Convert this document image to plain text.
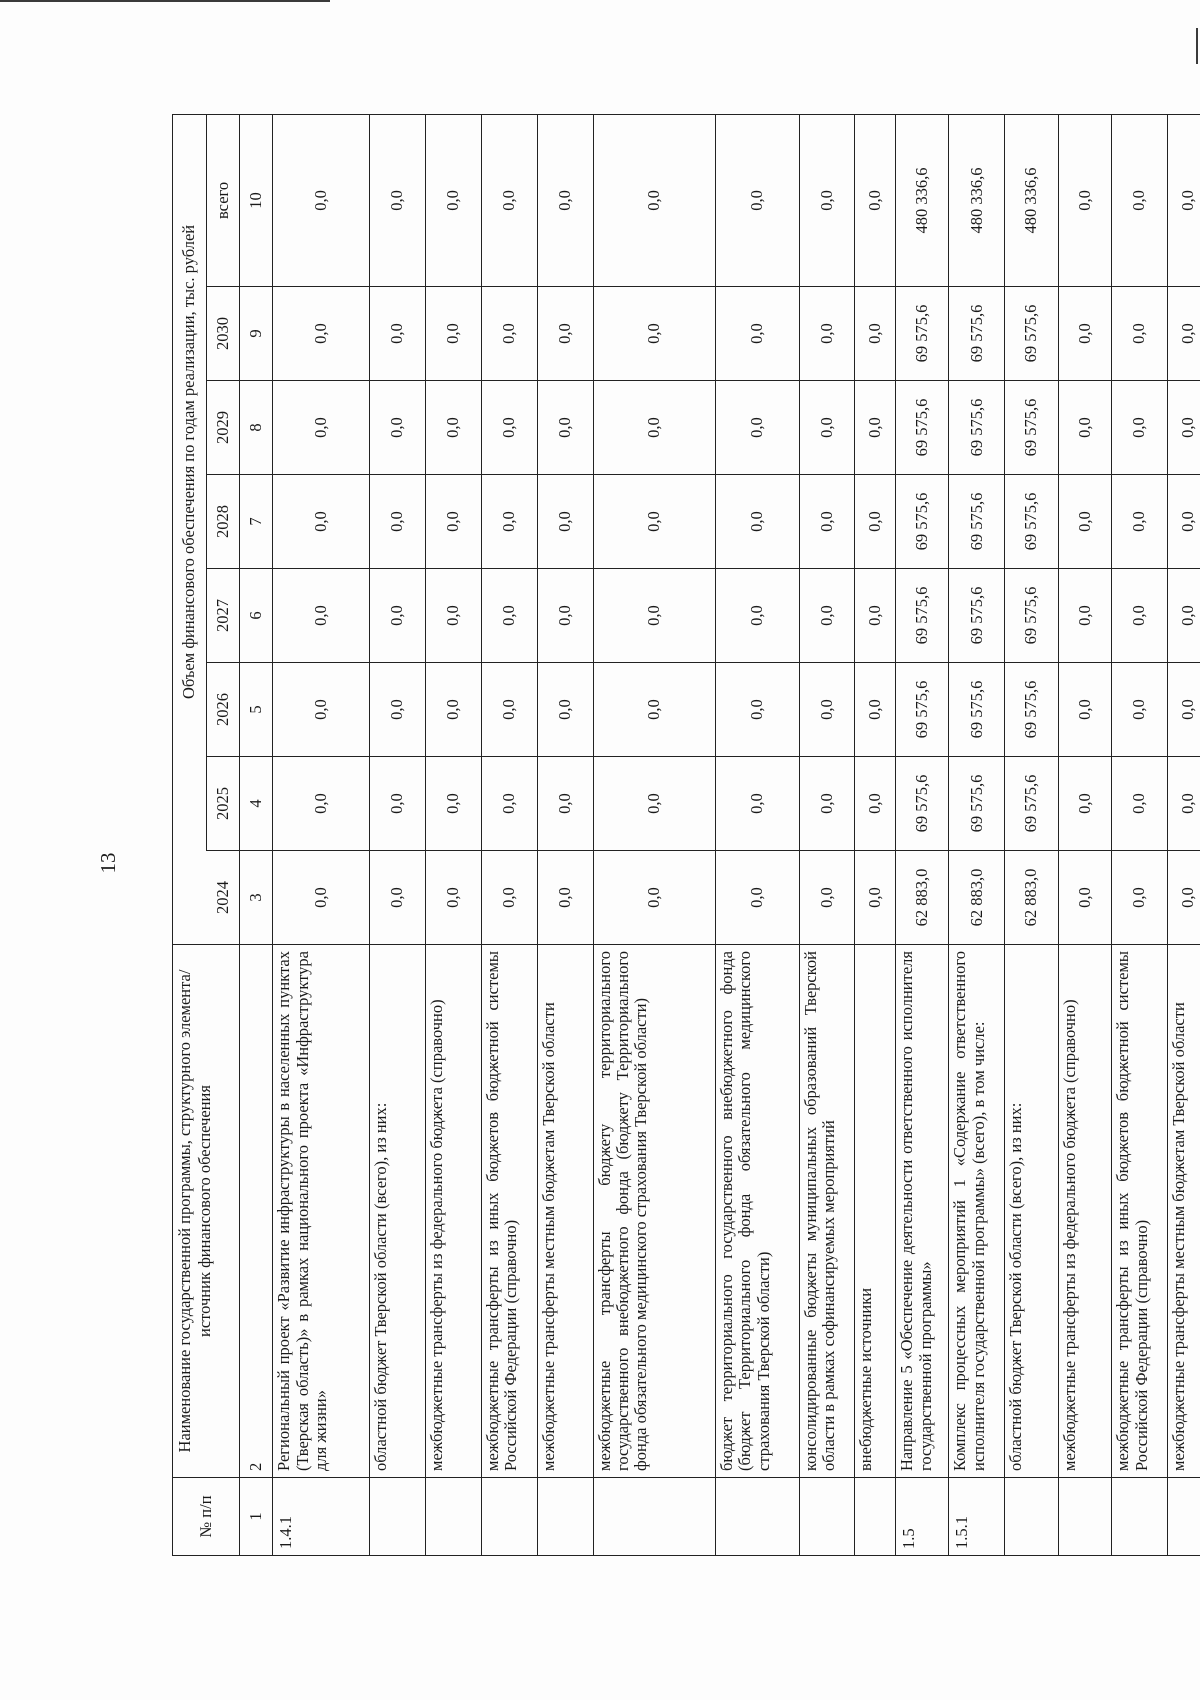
13
№ п/п	Наименование государственной программы, структурного элемента/источник финансового обеспечения	Объем финансового обеспечения по годам реализации, тыс. рублей							

		2024	2025	2026	2027	2028	2029	2030	всего
1	2	3	4	5	6	7	8	9	10
1.4.1	Региональный проект «Развитие инфраструктуры в населенных пунктах (Тверская область)» в рамках национального проекта «Инфраструктура для жизни»	0,0	0,0	0,0	0,0	0,0	0,0	0,0	0,0
	областной бюджет Тверской области (всего), из них:	0,0	0,0	0,0	0,0	0,0	0,0	0,0	0,0
	межбюджетные трансферты из федерального бюджета (справочно)	0,0	0,0	0,0	0,0	0,0	0,0	0,0	0,0
	межбюджетные трансферты из иных бюджетов бюджетной системы Российской Федерации (справочно)	0,0	0,0	0,0	0,0	0,0	0,0	0,0	0,0
	межбюджетные трансферты местным бюджетам Тверской области	0,0	0,0	0,0	0,0	0,0	0,0	0,0	0,0
	межбюджетные трансферты бюджету территориального государственного внебюджетного фонда (бюджету Территориального фонда обязательного медицинского страхования Тверской области)	0,0	0,0	0,0	0,0	0,0	0,0	0,0	0,0
	бюджет территориального государственного внебюджетного фонда (бюджет Территориального фонда обязательного медицинского страхования Тверской области)	0,0	0,0	0,0	0,0	0,0	0,0	0,0	0,0
	консолидированные бюджеты муниципальных образований Тверской области в рамках софинансируемых мероприятий	0,0	0,0	0,0	0,0	0,0	0,0	0,0	0,0
	внебюджетные источники	0,0	0,0	0,0	0,0	0,0	0,0	0,0	0,0
1.5	Направление 5 «Обеспечение деятельности ответственного исполнителя государственной программы»	62 883,0	69 575,6	69 575,6	69 575,6	69 575,6	69 575,6	69 575,6	480 336,6
1.5.1	Комплекс процессных мероприятий 1 «Содержание ответственного исполнителя государственной программы» (всего), в том числе:	62 883,0	69 575,6	69 575,6	69 575,6	69 575,6	69 575,6	69 575,6	480 336,6
	областной бюджет Тверской области (всего), из них:	62 883,0	69 575,6	69 575,6	69 575,6	69 575,6	69 575,6	69 575,6	480 336,6
	межбюджетные трансферты из федерального бюджета (справочно)	0,0	0,0	0,0	0,0	0,0	0,0	0,0	0,0
	межбюджетные трансферты из иных бюджетов бюджетной системы Российской Федерации (справочно)	0,0	0,0	0,0	0,0	0,0	0,0	0,0	0,0
	межбюджетные трансферты местным бюджетам Тверской области	0,0	0,0	0,0	0,0	0,0	0,0	0,0	0,0
